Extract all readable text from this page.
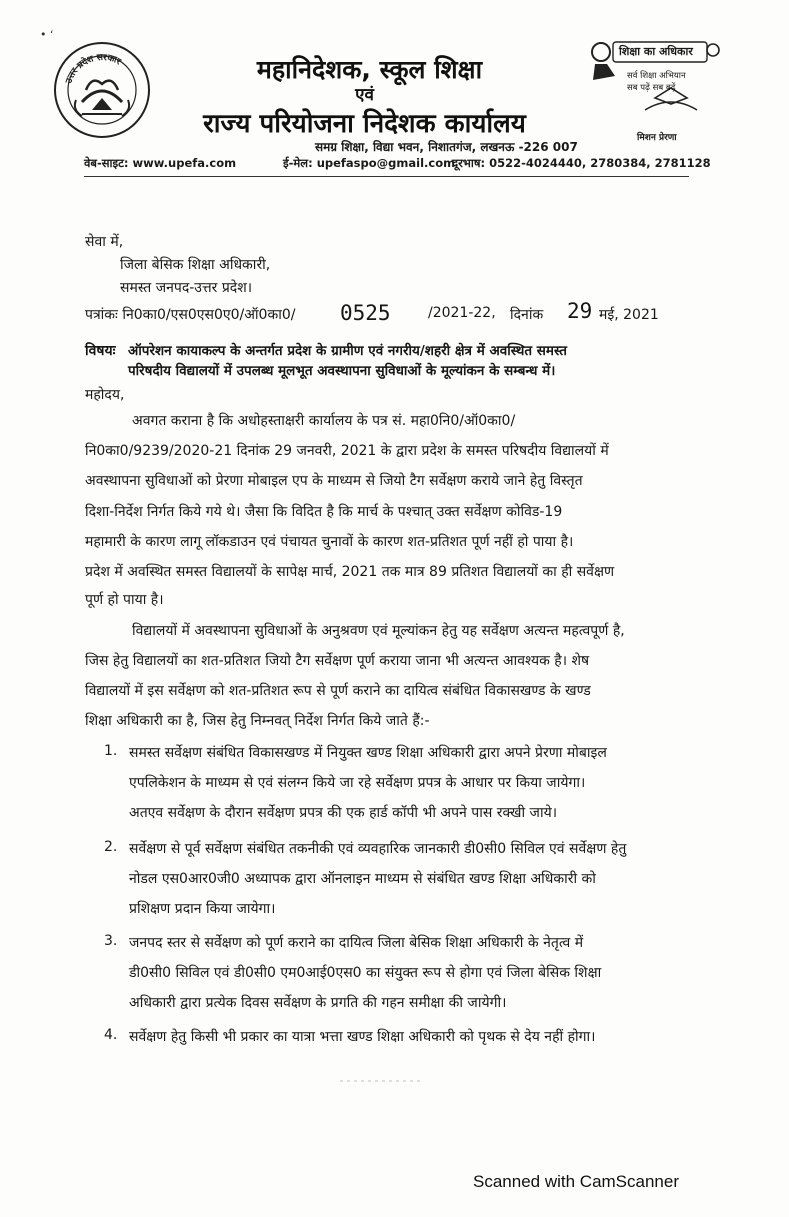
• ʻ
उत्तर प्रदेश सरकार	महानिदेशक, स्कूल शिक्षा
एवं
राज्य परियोजना निदेशक कार्यालय
समग्र शिक्षा, विद्या भवन, निशातगंज, लखनऊ -226 007
वेब-साइट: www.upefa.com	ई-मेल: upefaspo@gmail.com
दूरभाष: 0522-4024440, 2780384, 2781128
शिक्षा का अधिकार
सर्व शिक्षा अभियान
सब पढ़ें सब बढ़ें
मिशन प्रेरणा
सेवा में,
जिला बेसिक शिक्षा अधिकारी,
समस्त जनपद-उत्तर प्रदेश।
पत्रांकः नि0का0/एस0एस0ए0/ऑ0का0/ 0525	/2021-22, दिनांक 29 मई, 2021
विषयः ऑपरेशन कायाकल्प के अन्तर्गत प्रदेश के ग्रामीण एवं नगरीय/शहरी क्षेत्र में अवस्थित समस्त
परिषदीय विद्यालयों में उपलब्ध मूलभूत अवस्थापना सुविधाओं के मूल्यांकन के सम्बन्ध में।
महोदय,
अवगत कराना है कि अधोहस्ताक्षरी कार्यालय के पत्र सं. महा0नि0/ऑ0का0/
नि0का0/9239/2020-21 दिनांक 29 जनवरी, 2021 के द्वारा प्रदेश के समस्त परिषदीय विद्यालयों में
अवस्थापना सुविधाओं को प्रेरणा मोबाइल एप के माध्यम से जियो टैग सर्वेक्षण कराये जाने हेतु विस्तृत
दिशा-निर्देश निर्गत किये गये थे। जैसा कि विदित है कि मार्च के पश्चात् उक्त सर्वेक्षण कोविड-19
महामारी के कारण लागू लॉकडाउन एवं पंचायत चुनावों के कारण शत-प्रतिशत पूर्ण नहीं हो पाया है।
प्रदेश में अवस्थित समस्त विद्यालयों के सापेक्ष मार्च, 2021 तक मात्र 89 प्रतिशत विद्यालयों का ही सर्वेक्षण
पूर्ण हो पाया है।
विद्यालयों में अवस्थापना सुविधाओं के अनुश्रवण एवं मूल्यांकन हेतु यह सर्वेक्षण अत्यन्त महत्वपूर्ण है,
जिस हेतु विद्यालयों का शत-प्रतिशत जियो टैग सर्वेक्षण पूर्ण कराया जाना भी अत्यन्त आवश्यक है। शेष
विद्यालयों में इस सर्वेक्षण को शत-प्रतिशत रूप से पूर्ण कराने का दायित्व संबंधित विकासखण्ड के खण्ड
शिक्षा अधिकारी का है, जिस हेतु निम्नवत् निर्देश निर्गत किये जाते हैं:-
1. समस्त सर्वेक्षण संबंधित विकासखण्ड में नियुक्त खण्ड शिक्षा अधिकारी द्वारा अपने प्रेरणा मोबाइल
एपलिकेशन के माध्यम से एवं संलग्न किये जा रहे सर्वेक्षण प्रपत्र के आधार पर किया जायेगा।
अतएव सर्वेक्षण के दौरान सर्वेक्षण प्रपत्र की एक हार्ड कॉपी भी अपने पास रक्खी जाये।
2. सर्वेक्षण से पूर्व सर्वेक्षण संबंधित तकनीकी एवं व्यवहारिक जानकारी डी0सी0 सिविल एवं सर्वेक्षण हेतु
नोडल एस0आर0जी0 अध्यापक द्वारा ऑनलाइन माध्यम से संबंधित खण्ड शिक्षा अधिकारी को
प्रशिक्षण प्रदान किया जायेगा।
3. जनपद स्तर से सर्वेक्षण को पूर्ण कराने का दायित्व जिला बेसिक शिक्षा अधिकारी के नेतृत्व में
डी0सी0 सिविल एवं डी0सी0 एम0आई0एस0 का संयुक्त रूप से होगा एवं जिला बेसिक शिक्षा
अधिकारी द्वारा प्रत्येक दिवस सर्वेक्षण के प्रगति की गहन समीक्षा की जायेगी।
4. सर्वेक्षण हेतु किसी भी प्रकार का यात्रा भत्ता खण्ड शिक्षा अधिकारी को पृथक से देय नहीं होगा।
Scanned with CamScanner
